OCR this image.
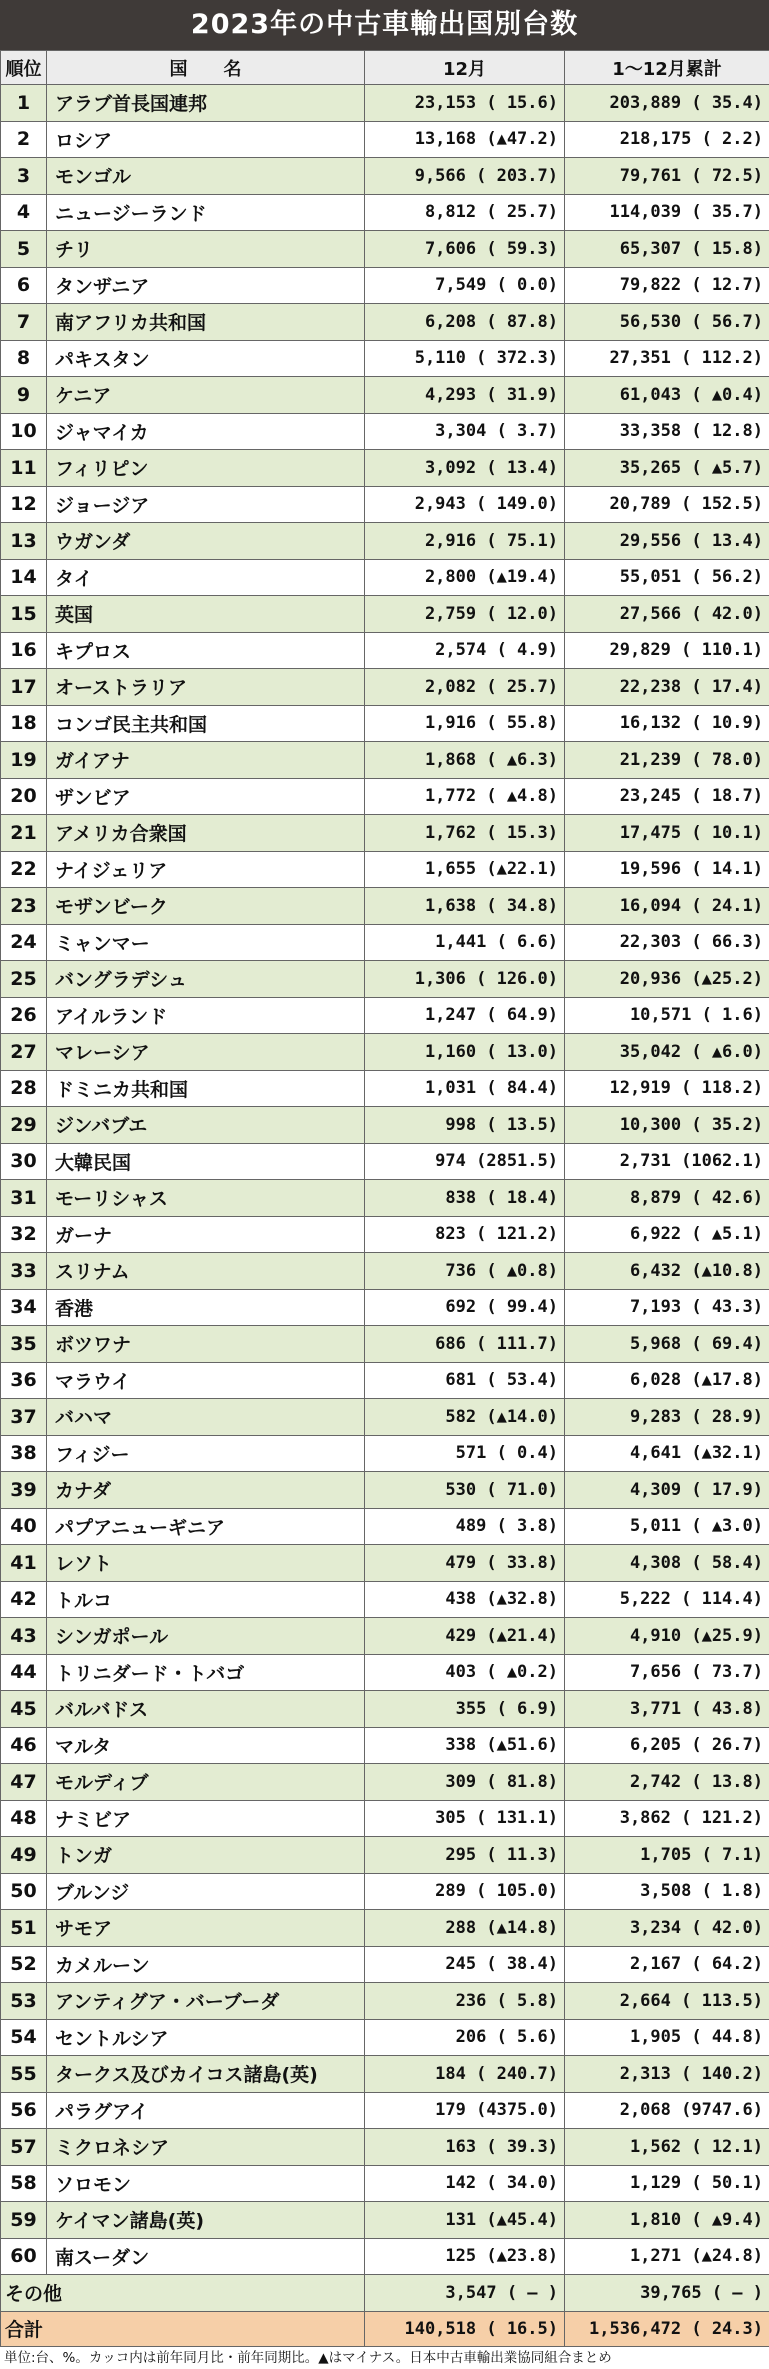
2023年の中古車輸出国別台数
順位	国　　名	12月	1～12月累計
1	アラブ首長国連邦	23,153 ( 15.6)	203,889 ( 35.4)
2	ロシア	13,168 (▲47.2)	218,175 ( 2.2)
3	モンゴル	9,566 ( 203.7)	79,761 ( 72.5)
4	ニュージーランド	8,812 ( 25.7)	114,039 ( 35.7)
5	チリ	7,606 ( 59.3)	65,307 ( 15.8)
6	タンザニア	7,549 ( 0.0)	79,822 ( 12.7)
7	南アフリカ共和国	6,208 ( 87.8)	56,530 ( 56.7)
8	パキスタン	5,110 ( 372.3)	27,351 ( 112.2)
9	ケニア	4,293 ( 31.9)	61,043 ( ▲0.4)
10	ジャマイカ	3,304 ( 3.7)	33,358 ( 12.8)
11	フィリピン	3,092 ( 13.4)	35,265 ( ▲5.7)
12	ジョージア	2,943 ( 149.0)	20,789 ( 152.5)
13	ウガンダ	2,916 ( 75.1)	29,556 ( 13.4)
14	タイ	2,800 (▲19.4)	55,051 ( 56.2)
15	英国	2,759 ( 12.0)	27,566 ( 42.0)
16	キプロス	2,574 ( 4.9)	29,829 ( 110.1)
17	オーストラリア	2,082 ( 25.7)	22,238 ( 17.4)
18	コンゴ民主共和国	1,916 ( 55.8)	16,132 ( 10.9)
19	ガイアナ	1,868 ( ▲6.3)	21,239 ( 78.0)
20	ザンビア	1,772 ( ▲4.8)	23,245 ( 18.7)
21	アメリカ合衆国	1,762 ( 15.3)	17,475 ( 10.1)
22	ナイジェリア	1,655 (▲22.1)	19,596 ( 14.1)
23	モザンビーク	1,638 ( 34.8)	16,094 ( 24.1)
24	ミャンマー	1,441 ( 6.6)	22,303 ( 66.3)
25	バングラデシュ	1,306 ( 126.0)	20,936 (▲25.2)
26	アイルランド	1,247 ( 64.9)	10,571 ( 1.6)
27	マレーシア	1,160 ( 13.0)	35,042 ( ▲6.0)
28	ドミニカ共和国	1,031 ( 84.4)	12,919 ( 118.2)
29	ジンバブエ	998 ( 13.5)	10,300 ( 35.2)
30	大韓民国	974 (2851.5)	2,731 (1062.1)
31	モーリシャス	838 ( 18.4)	8,879 ( 42.6)
32	ガーナ	823 ( 121.2)	6,922 ( ▲5.1)
33	スリナム	736 ( ▲0.8)	6,432 (▲10.8)
34	香港	692 ( 99.4)	7,193 ( 43.3)
35	ボツワナ	686 ( 111.7)	5,968 ( 69.4)
36	マラウイ	681 ( 53.4)	6,028 (▲17.8)
37	バハマ	582 (▲14.0)	9,283 ( 28.9)
38	フィジー	571 ( 0.4)	4,641 (▲32.1)
39	カナダ	530 ( 71.0)	4,309 ( 17.9)
40	パプアニューギニア	489 ( 3.8)	5,011 ( ▲3.0)
41	レソト	479 ( 33.8)	4,308 ( 58.4)
42	トルコ	438 (▲32.8)	5,222 ( 114.4)
43	シンガポール	429 (▲21.4)	4,910 (▲25.9)
44	トリニダード・トバゴ	403 ( ▲0.2)	7,656 ( 73.7)
45	バルバドス	355 ( 6.9)	3,771 ( 43.8)
46	マルタ	338 (▲51.6)	6,205 ( 26.7)
47	モルディブ	309 ( 81.8)	2,742 ( 13.8)
48	ナミビア	305 ( 131.1)	3,862 ( 121.2)
49	トンガ	295 ( 11.3)	1,705 ( 7.1)
50	ブルンジ	289 ( 105.0)	3,508 ( 1.8)
51	サモア	288 (▲14.8)	3,234 ( 42.0)
52	カメルーン	245 ( 38.4)	2,167 ( 64.2)
53	アンティグア・バーブーダ	236 ( 5.8)	2,664 ( 113.5)
54	セントルシア	206 ( 5.6)	1,905 ( 44.8)
55	タークス及びカイコス諸島(英)	184 ( 240.7)	2,313 ( 140.2)
56	パラグアイ	179 (4375.0)	2,068 (9747.6)
57	ミクロネシア	163 ( 39.3)	1,562 ( 12.1)
58	ソロモン	142 ( 34.0)	1,129 ( 50.1)
59	ケイマン諸島(英)	131 (▲45.4)	1,810 ( ▲9.4)
60	南スーダン	125 (▲23.8)	1,271 (▲24.8)
その他		3,547 ( ― )	39,765 ( ― )
合計		140,518 ( 16.5)	1,536,472 ( 24.3)
単位:台、%。カッコ内は前年同月比・前年同期比。▲はマイナス。日本中古車輸出業協同組合まとめ
